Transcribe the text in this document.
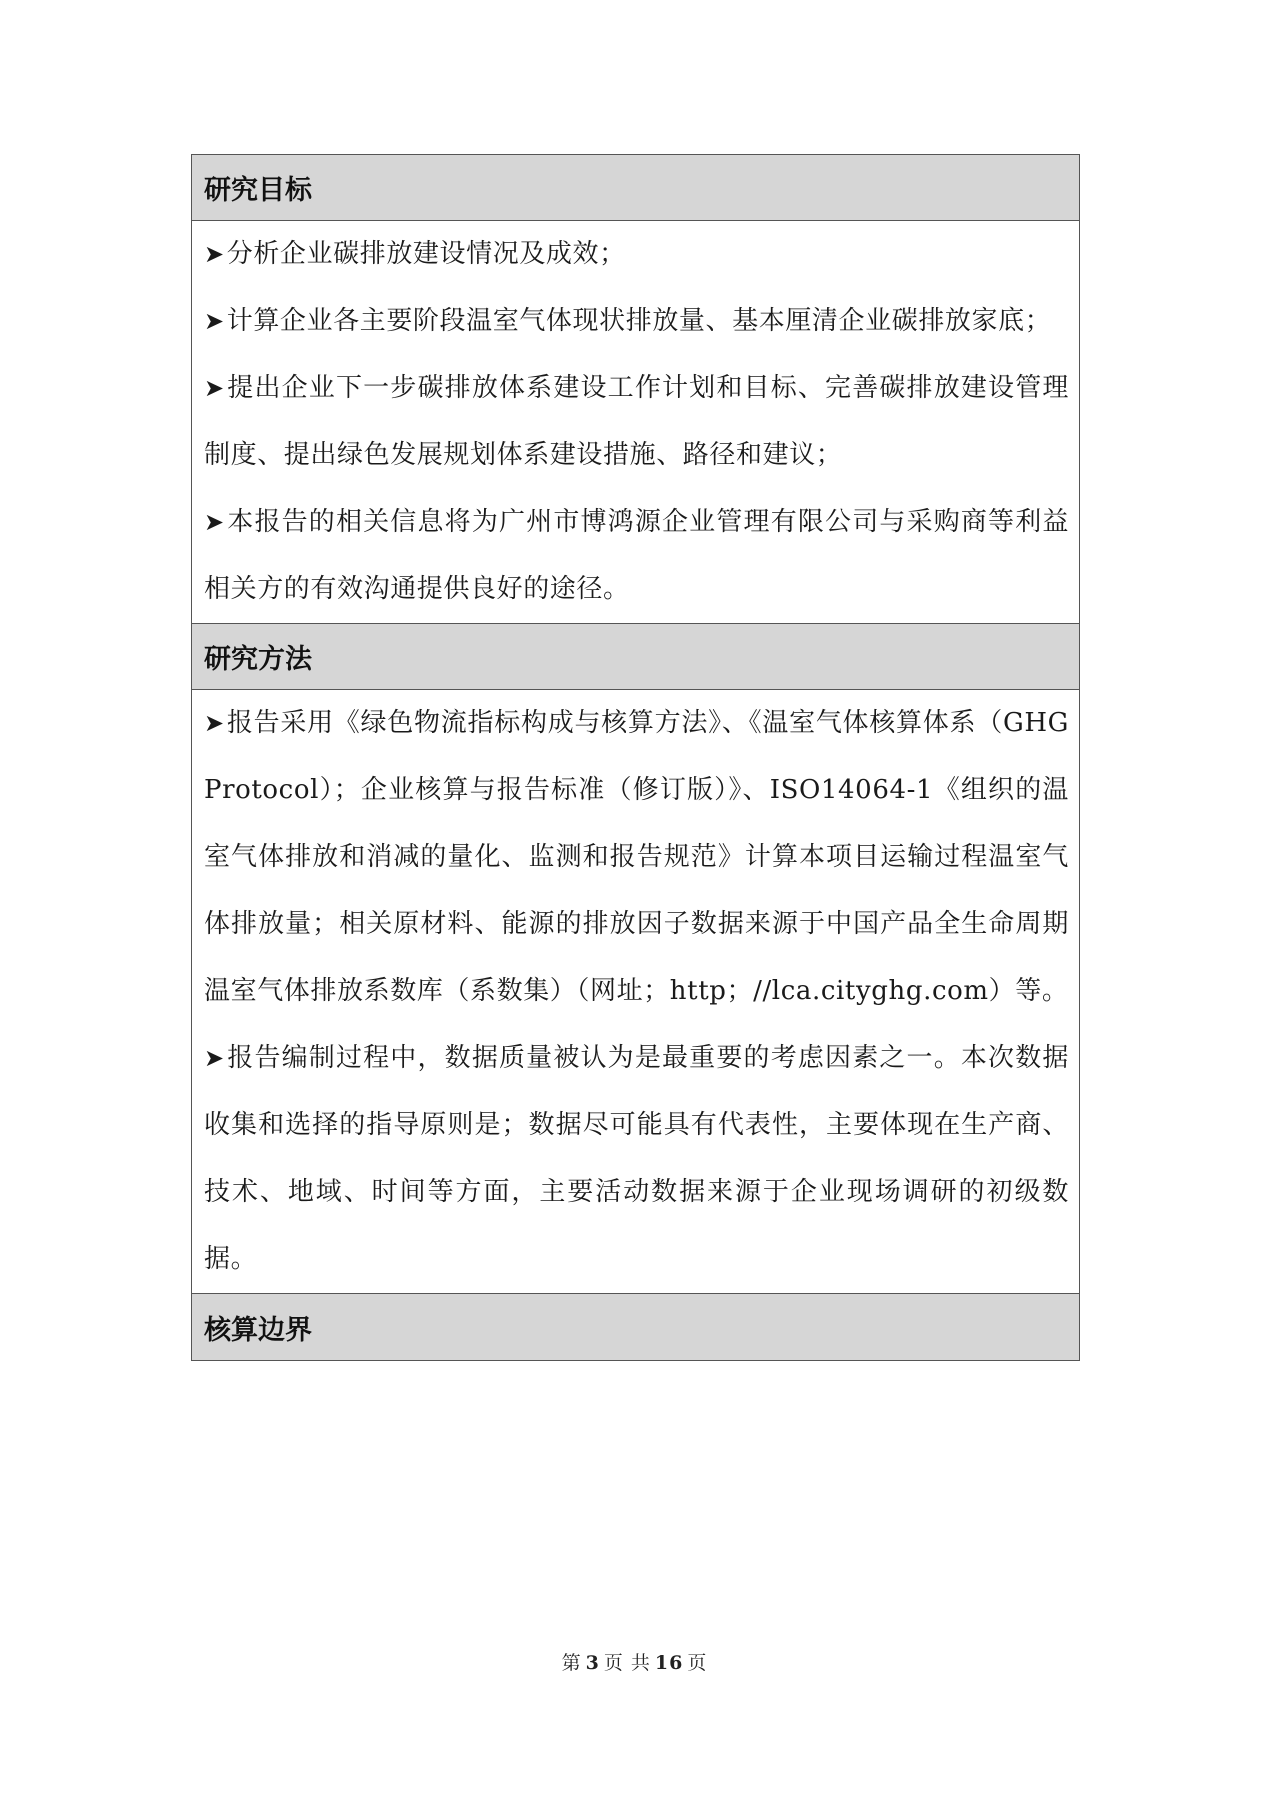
研究目标

➤分析企业碳排放建设情况及成效；

➤计算企业各主要阶段温室气体现状排放量、基本厘清企业碳排放家底；

➤提出企业下一步碳排放体系建设工作计划和目标、完善碳排放建设管理制度、提出绿色发展规划体系建设措施、路径和建议；

➤本报告的相关信息将为广州市博鸿源企业管理有限公司与采购商等利益相关方的有效沟通提供良好的途径。

研究方法

➤报告采用《绿色物流指标构成与核算方法》、《温室气体核算体系（GHGProtocol）；企业核算与报告标准（修订版）》、ISO14064-1《组织的温室气体排放和消减的量化、监测和报告规范》计算本项目运输过程温室气体排放量；相关原材料、能源的排放因子数据来源于中国产品全生命周期温室气体排放系数库（系数集）（网址；http；//lca.cityghg.com）等。

➤报告编制过程中，数据质量被认为是最重要的考虑因素之一。本次数据收集和选择的指导原则是；数据尽可能具有代表性，主要体现在生产商、技术、地域、时间等方面，主要活动数据来源于企业现场调研的初级数据。

核算边界
第 3 页 共 16 页
